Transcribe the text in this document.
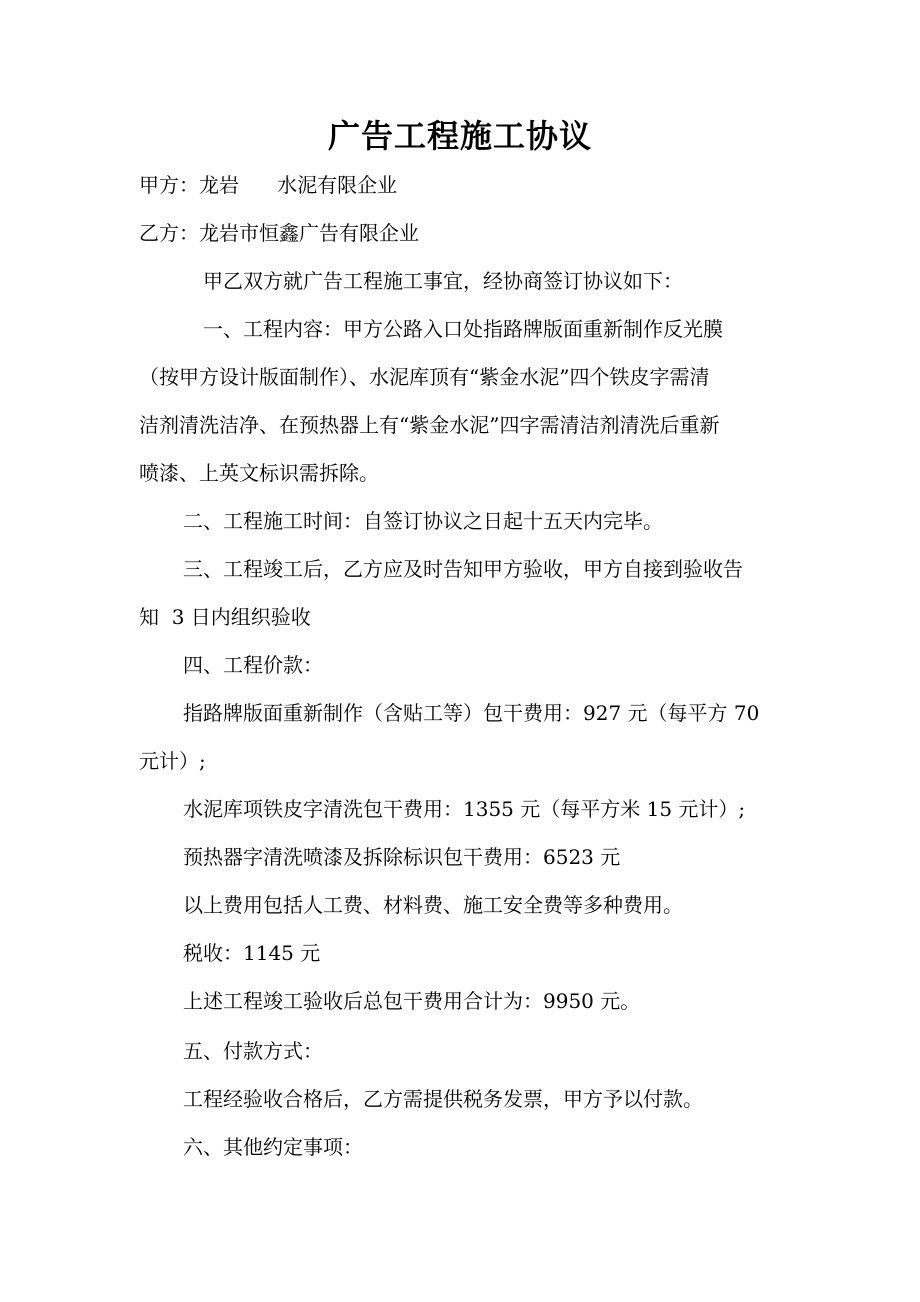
广告工程施工协议
甲方：龙岩      水泥有限企业
乙方：龙岩市恒鑫广告有限企业
甲乙双方就广告工程施工事宜，经协商签订协议如下：
一、工程内容：甲方公路入口处指路牌版面重新制作反光膜
（按甲方设计版面制作）、水泥库顶有“紫金水泥”四个铁皮字需清
洁剂清洗洁净、在预热器上有“紫金水泥”四字需清洁剂清洗后重新
喷漆、上英文标识需拆除。
二、工程施工时间：自签订协议之日起十五天内完毕。
三、工程竣工后，乙方应及时告知甲方验收，甲方自接到验收告
知  3 日内组织验收
四、工程价款：
指路牌版面重新制作（含贴工等）包干费用：927 元（每平方 70
元计）;
水泥库项铁皮字清洗包干费用：1355 元（每平方米 15 元计）;
预热器字清洗喷漆及拆除标识包干费用：6523 元
以上费用包括人工费、材料费、施工安全费等多种费用。
税收：1145 元
上述工程竣工验收后总包干费用合计为：9950 元。
五、付款方式：
工程经验收合格后，乙方需提供税务发票，甲方予以付款。
六、其他约定事项：
